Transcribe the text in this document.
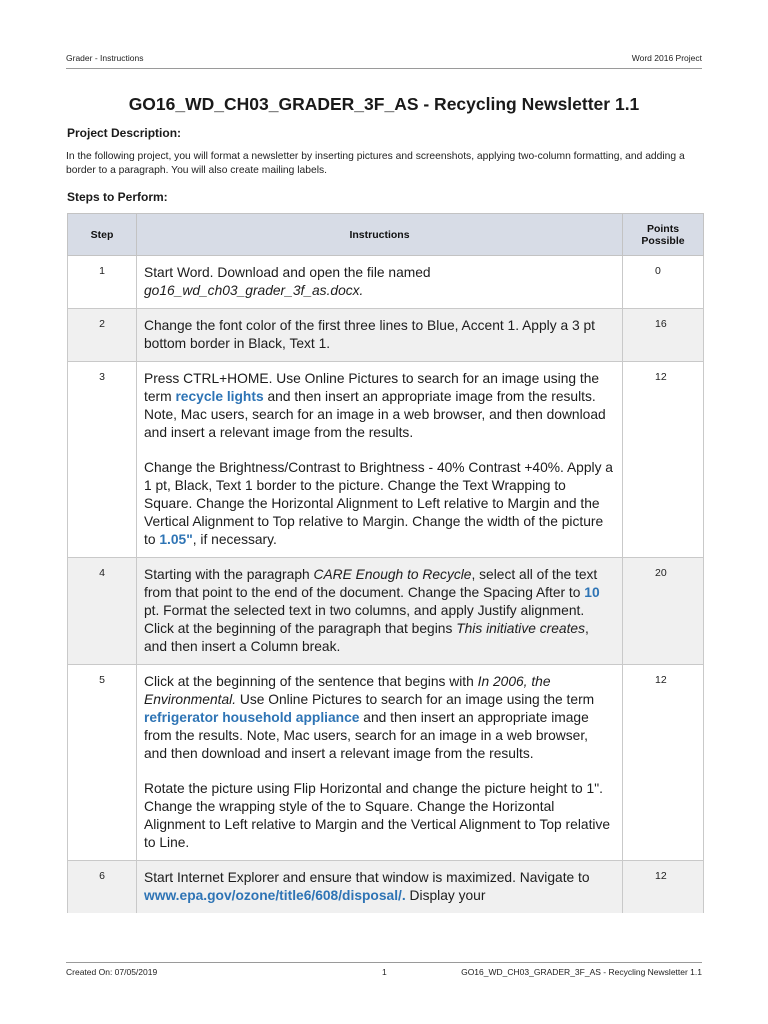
Grader - Instructions	Word 2016 Project
GO16_WD_CH03_GRADER_3F_AS - Recycling Newsletter 1.1
Project Description:
In the following project, you will format a newsletter by inserting pictures and screenshots, applying two-column formatting, and adding a border to a paragraph. You will also create mailing labels.
Steps to Perform:
Step	Instructions	Points
Possible

1	Start Word. Download and open the file named go16_wd_ch03_grader_3f_as.docx.	0
2	Change the font color of the first three lines to Blue, Accent 1. Apply a 3 pt bottom border in Black, Text 1.	16
3	Press CTRL+HOME. Use Online Pictures to search for an image using the term recycle lights and then insert an appropriate image from the results. Note, Mac users, search for an image in a web browser, and then download and insert a relevant image from the results.
Change the Brightness/Contrast to Brightness - 40% Contrast +40%. Apply a 1 pt, Black, Text 1 border to the picture. Change the Text Wrapping to Square. Change the Horizontal Alignment to Left relative to Margin and the Vertical Alignment to Top relative to Margin. Change the width of the picture to 1.05", if necessary.	12
4	Starting with the paragraph CARE Enough to Recycle, select all of the text from that point to the end of the document. Change the Spacing After to 10 pt. Format the selected text in two columns, and apply Justify alignment. Click at the beginning of the paragraph that begins This initiative creates, and then insert a Column break.	20
5	Click at the beginning of the sentence that begins with In 2006, the Environmental. Use Online Pictures to search for an image using the term refrigerator household appliance and then insert an appropriate image from the results. Note, Mac users, search for an image in a web browser, and then download and insert a relevant image from the results.
Rotate the picture using Flip Horizontal and change the picture height to 1". Change the wrapping style of the to Square. Change the Horizontal Alignment to Left relative to Margin and the Vertical Alignment to Top relative to Line.	12
6	Start Internet Explorer and ensure that window is maximized. Navigate to www.epa.gov/ozone/title6/608/disposal/. Display your	12
Created On: 07/05/2019	1	GO16_WD_CH03_GRADER_3F_AS - Recycling Newsletter 1.1
